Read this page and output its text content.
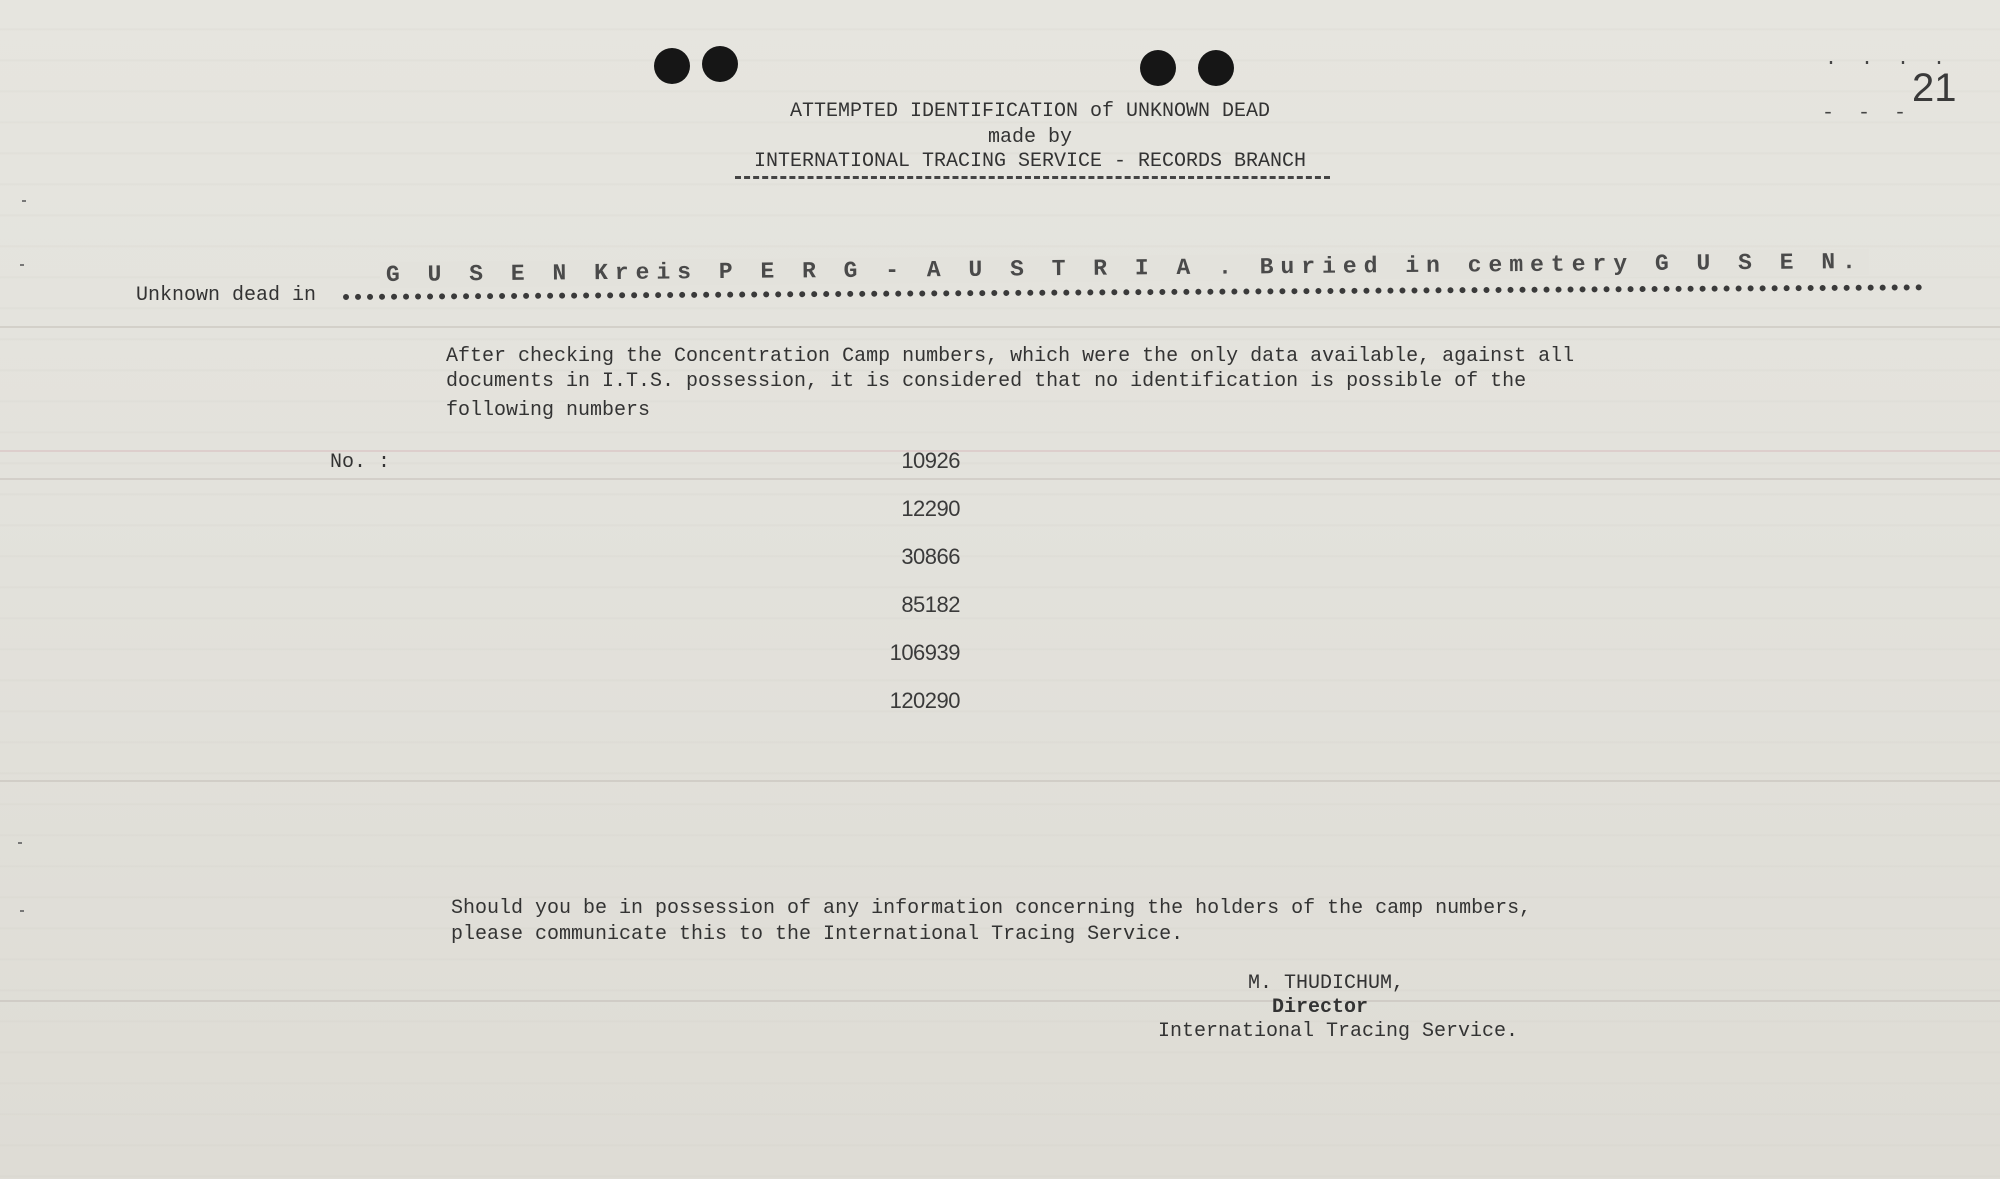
. . . .
- - -
21
ATTEMPTED IDENTIFICATION of UNKNOWN DEAD
made by
INTERNATIONAL TRACING SERVICE - RECORDS BRANCH
Unknown dead in
G U S E N Kreis P E R G - A U S T R I A . Buried in cemetery G U S E N.
After checking the Concentration Camp numbers, which were the only data available, against all
documents in I.T.S. possession, it is considered that no identification is possible of the
following numbers
No. :	10926
12290
30866
85182
106939
120290
Should you be in possession of any information concerning the holders of the camp numbers,
please communicate this to the International Tracing Service.
M. THUDICHUM,
Director
International Tracing Service.
